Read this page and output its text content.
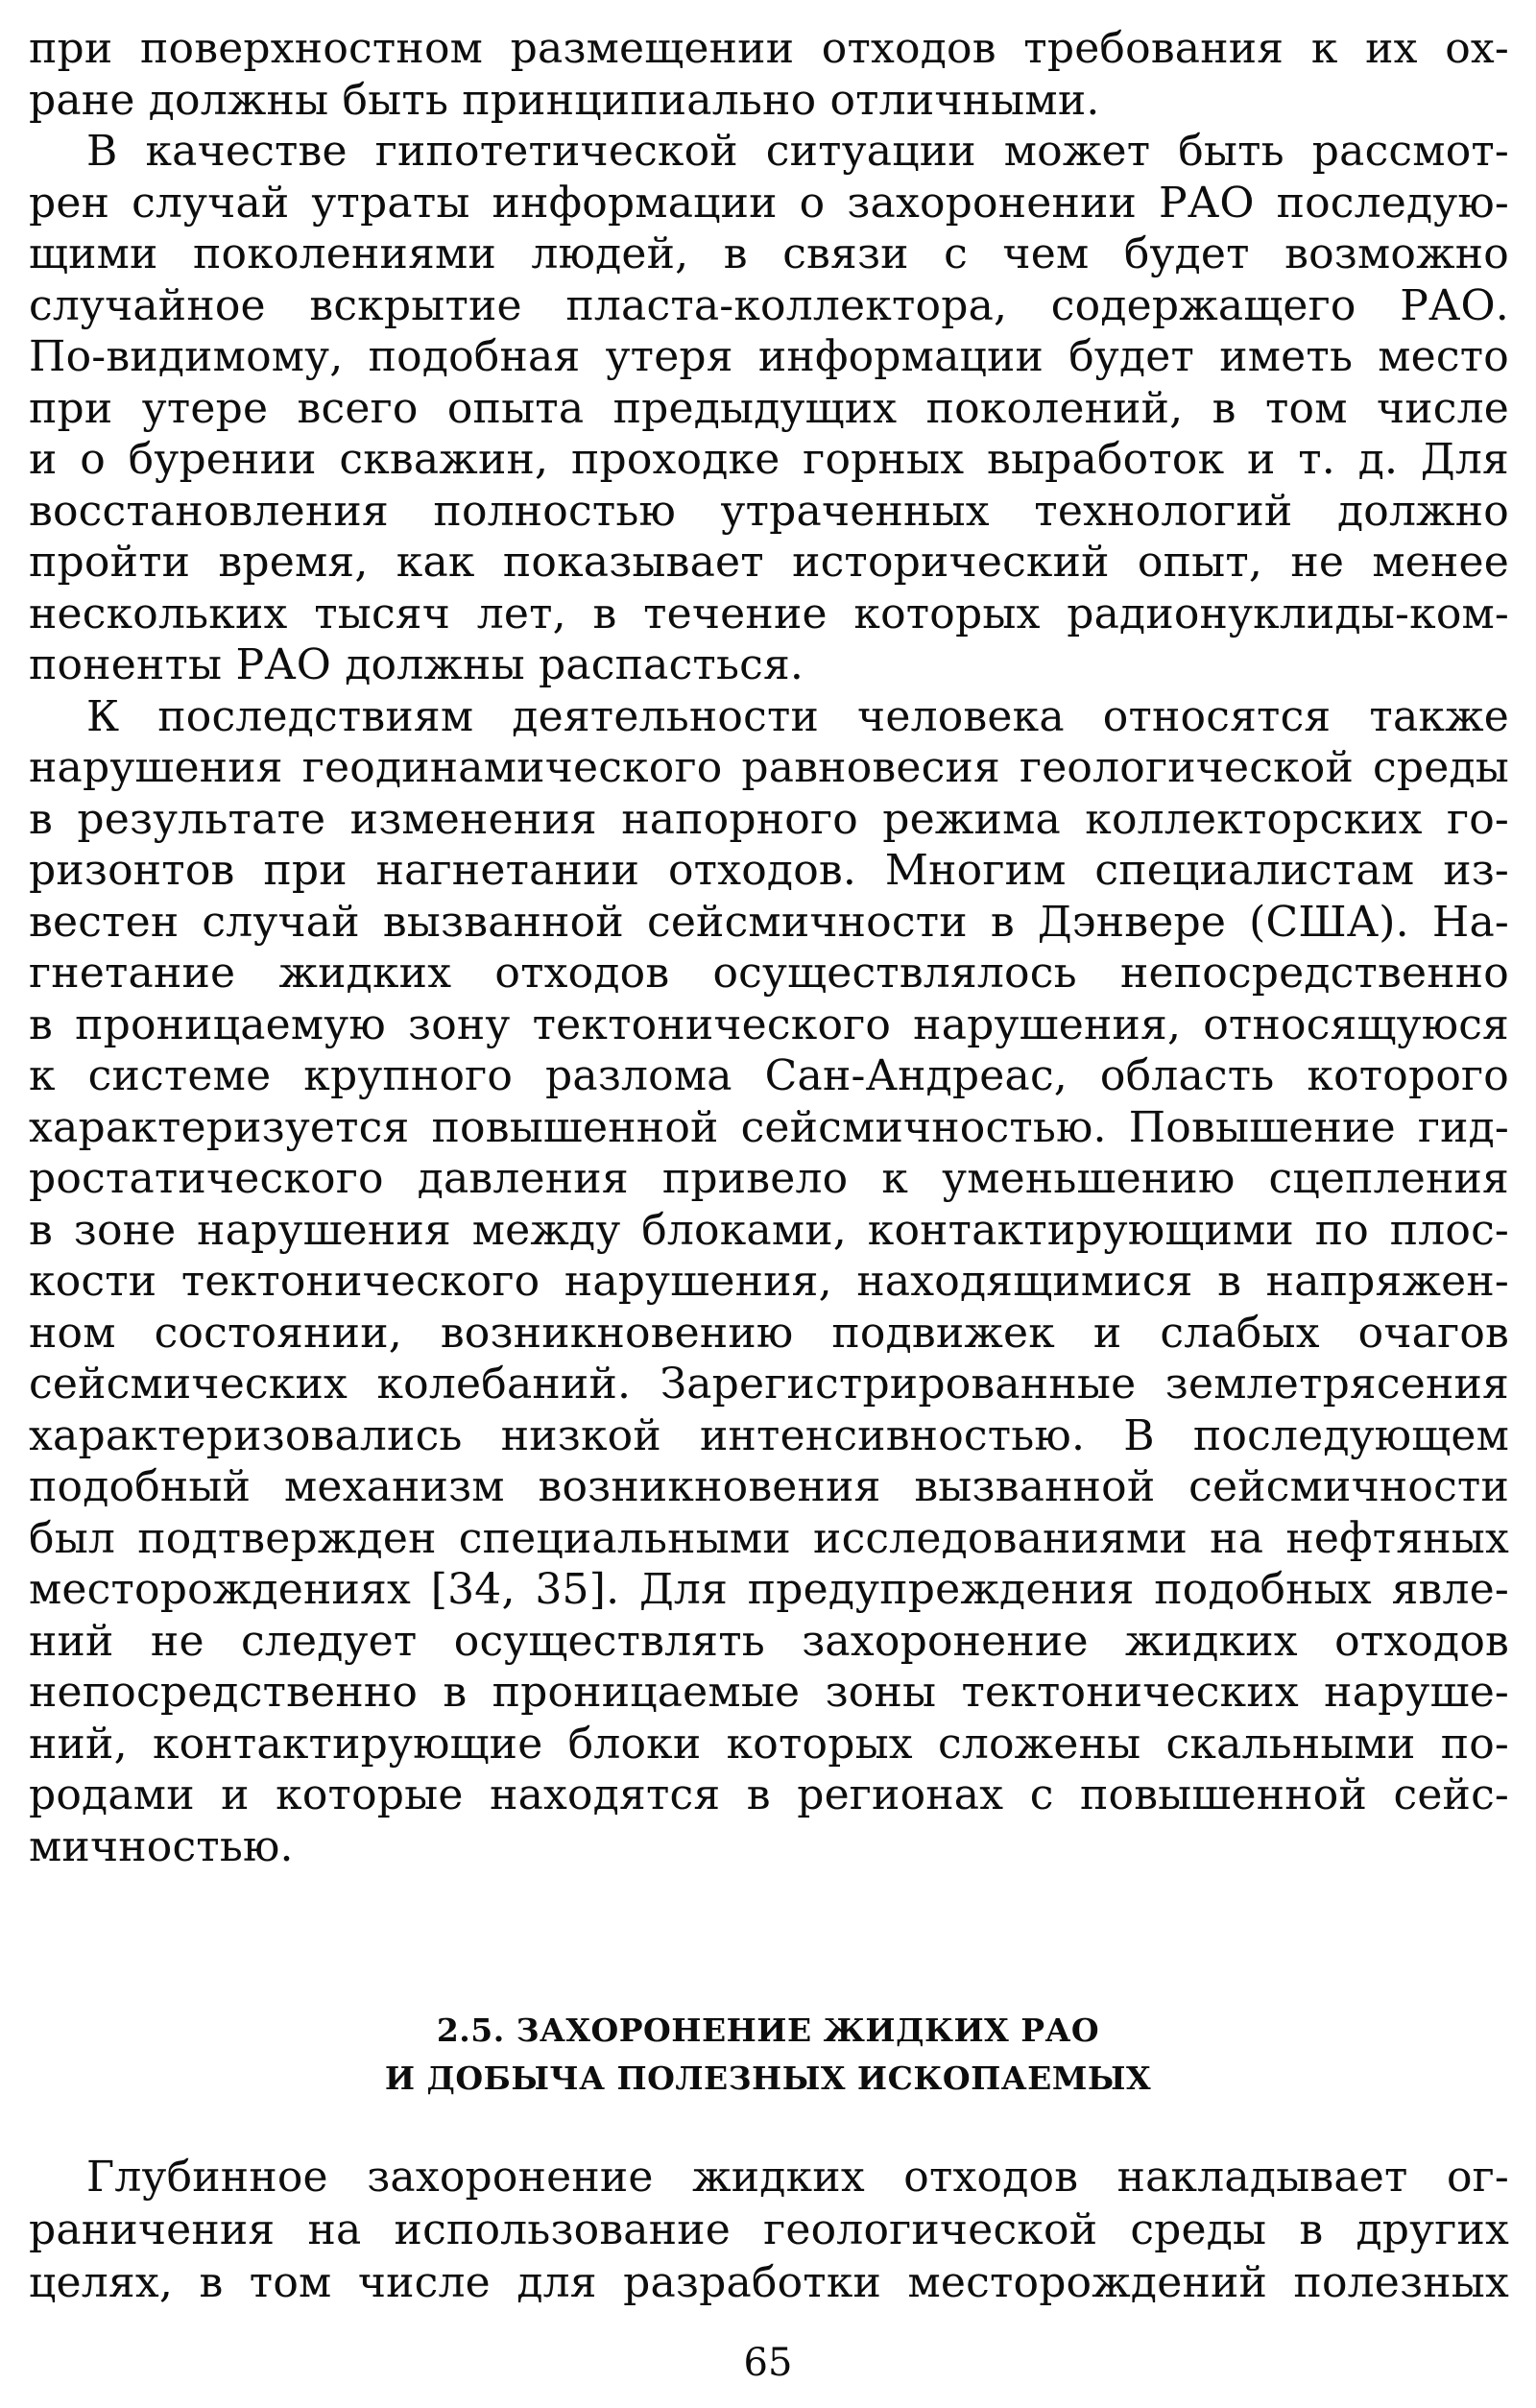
при поверхностном размещении отходов требования к их ох-
ране должны быть принципиально отличными.
В качестве гипотетической ситуации может быть рассмот-
рен случай утраты информации о захоронении РАО последую-
щими поколениями людей, в связи с чем будет возможно
случайное вскрытие пласта-коллектора, содержащего РАО.
По-видимому, подобная утеря информации будет иметь место
при утере всего опыта предыдущих поколений, в том числе
и о бурении скважин, проходке горных выработок и т. д. Для
восстановления полностью утраченных технологий должно
пройти время, как показывает исторический опыт, не менее
нескольких тысяч лет, в течение которых радионуклиды-ком-
поненты РАО должны распасться.
К последствиям деятельности человека относятся также
нарушения геодинамического равновесия геологической среды
в результате изменения напорного режима коллекторских го-
ризонтов при нагнетании отходов. Многим специалистам из-
вестен случай вызванной сейсмичности в Дэнвере (США). На-
гнетание жидких отходов осуществлялось непосредственно
в проницаемую зону тектонического нарушения, относящуюся
к системе крупного разлома Сан-Андреас, область которого
характеризуется повышенной сейсмичностью. Повышение гид-
ростатического давления привело к уменьшению сцепления
в зоне нарушения между блоками, контактирующими по плос-
кости тектонического нарушения, находящимися в напряжен-
ном состоянии, возникновению подвижек и слабых очагов
сейсмических колебаний. Зарегистрированные землетрясения
характеризовались низкой интенсивностью. В последующем
подобный механизм возникновения вызванной сейсмичности
был подтвержден специальными исследованиями на нефтяных
месторождениях [34, 35]. Для предупреждения подобных явле-
ний не следует осуществлять захоронение жидких отходов
непосредственно в проницаемые зоны тектонических наруше-
ний, контактирующие блоки которых сложены скальными по-
родами и которые находятся в регионах с повышенной сейс-
мичностью.
2.5. ЗАХОРОНЕНИЕ ЖИДКИХ РАО
И ДОБЫЧА ПОЛЕЗНЫХ ИСКОПАЕМЫХ
Глубинное захоронение жидких отходов накладывает ог-
раничения на использование геологической среды в других
целях, в том числе для разработки месторождений полезных
65
